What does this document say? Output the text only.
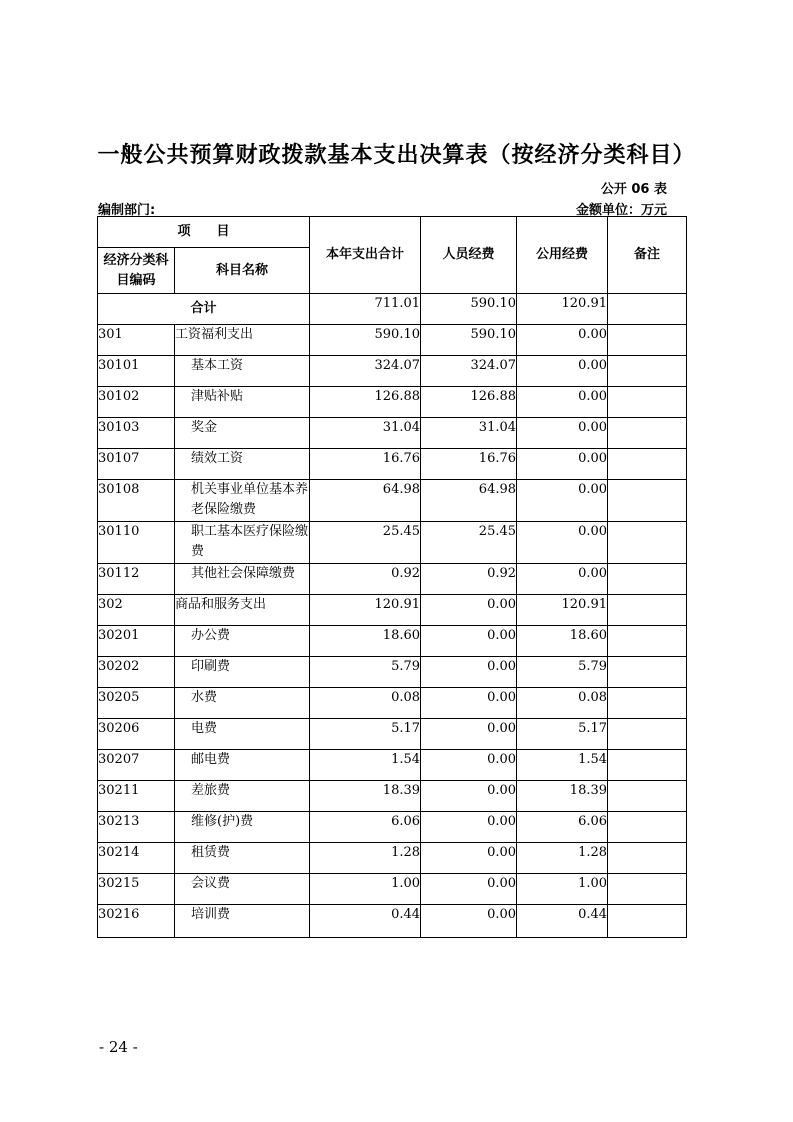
一般公共预算财政拨款基本支出决算表（按经济分类科目）
公开 06 表
编制部门:	金额单位：万元
项　　目		本年支出合计	人员经费	公用经费	备注
经济分类科目编码	科目名称				
合计		711.01	590.10	120.91	
301	工资福利支出	590.10	590.10	0.00	
30101	基本工资	324.07	324.07	0.00	
30102	津贴补贴	126.88	126.88	0.00	
30103	奖金	31.04	31.04	0.00	
30107	绩效工资	16.76	16.76	0.00	
30108	机关事业单位基本养老保险缴费	64.98	64.98	0.00	
30110	职工基本医疗保险缴费	25.45	25.45	0.00	
30112	其他社会保障缴费	0.92	0.92	0.00	
302	商品和服务支出	120.91	0.00	120.91	
30201	办公费	18.60	0.00	18.60	
30202	印刷费	5.79	0.00	5.79	
30205	水费	0.08	0.00	0.08	
30206	电费	5.17	0.00	5.17	
30207	邮电费	1.54	0.00	1.54	
30211	差旅费	18.39	0.00	18.39	
30213	维修(护)费	6.06	0.00	6.06	
30214	租赁费	1.28	0.00	1.28	
30215	会议费	1.00	0.00	1.00	
30216	培训费	0.44	0.00	0.44	
- 24 -
